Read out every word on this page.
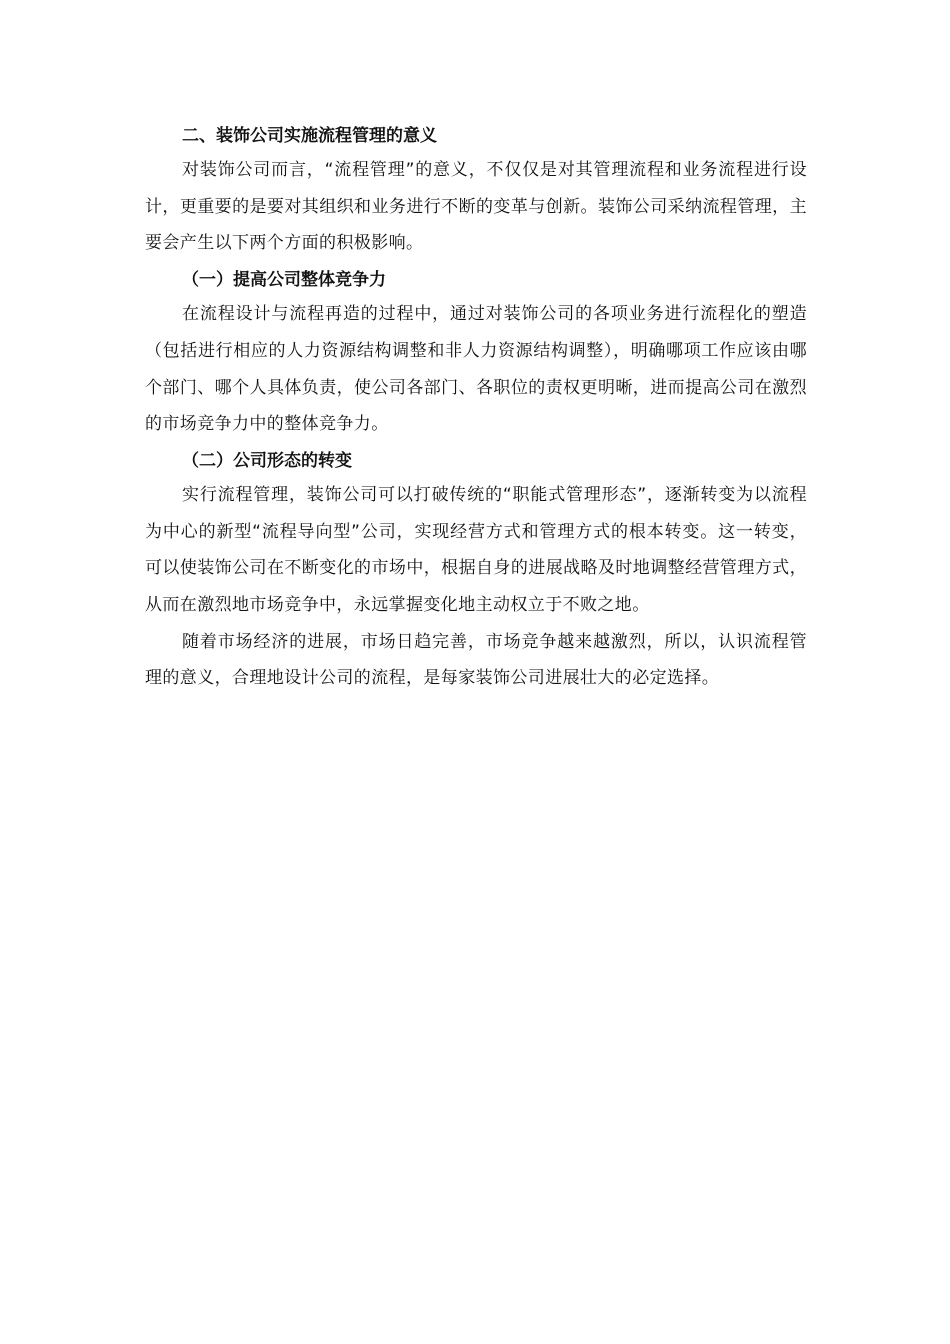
二、装饰公司实施流程管理的意义

对装饰公司而言，“流程管理”的意义，不仅仅是对其管理流程和业务流程进行设计，更重要的是要对其组织和业务进行不断的变革与创新。装饰公司采纳流程管理，主要会产生以下两个方面的积极影响。

（一）提高公司整体竞争力

在流程设计与流程再造的过程中，通过对装饰公司的各项业务进行流程化的塑造（包括进行相应的人力资源结构调整和非人力资源结构调整），明确哪项工作应该由哪个部门、哪个人具体负责，使公司各部门、各职位的责权更明晰，进而提高公司在激烈的市场竞争力中的整体竞争力。

（二）公司形态的转变

实行流程管理，装饰公司可以打破传统的“职能式管理形态”，逐渐转变为以流程为中心的新型“流程导向型”公司，实现经营方式和管理方式的根本转变。这一转变，可以使装饰公司在不断变化的市场中，根据自身的进展战略及时地调整经营管理方式，从而在激烈地市场竞争中，永远掌握变化地主动权立于不败之地。

随着市场经济的进展，市场日趋完善，市场竞争越来越激烈，所以，认识流程管理的意义，合理地设计公司的流程，是每家装饰公司进展壮大的必定选择。
